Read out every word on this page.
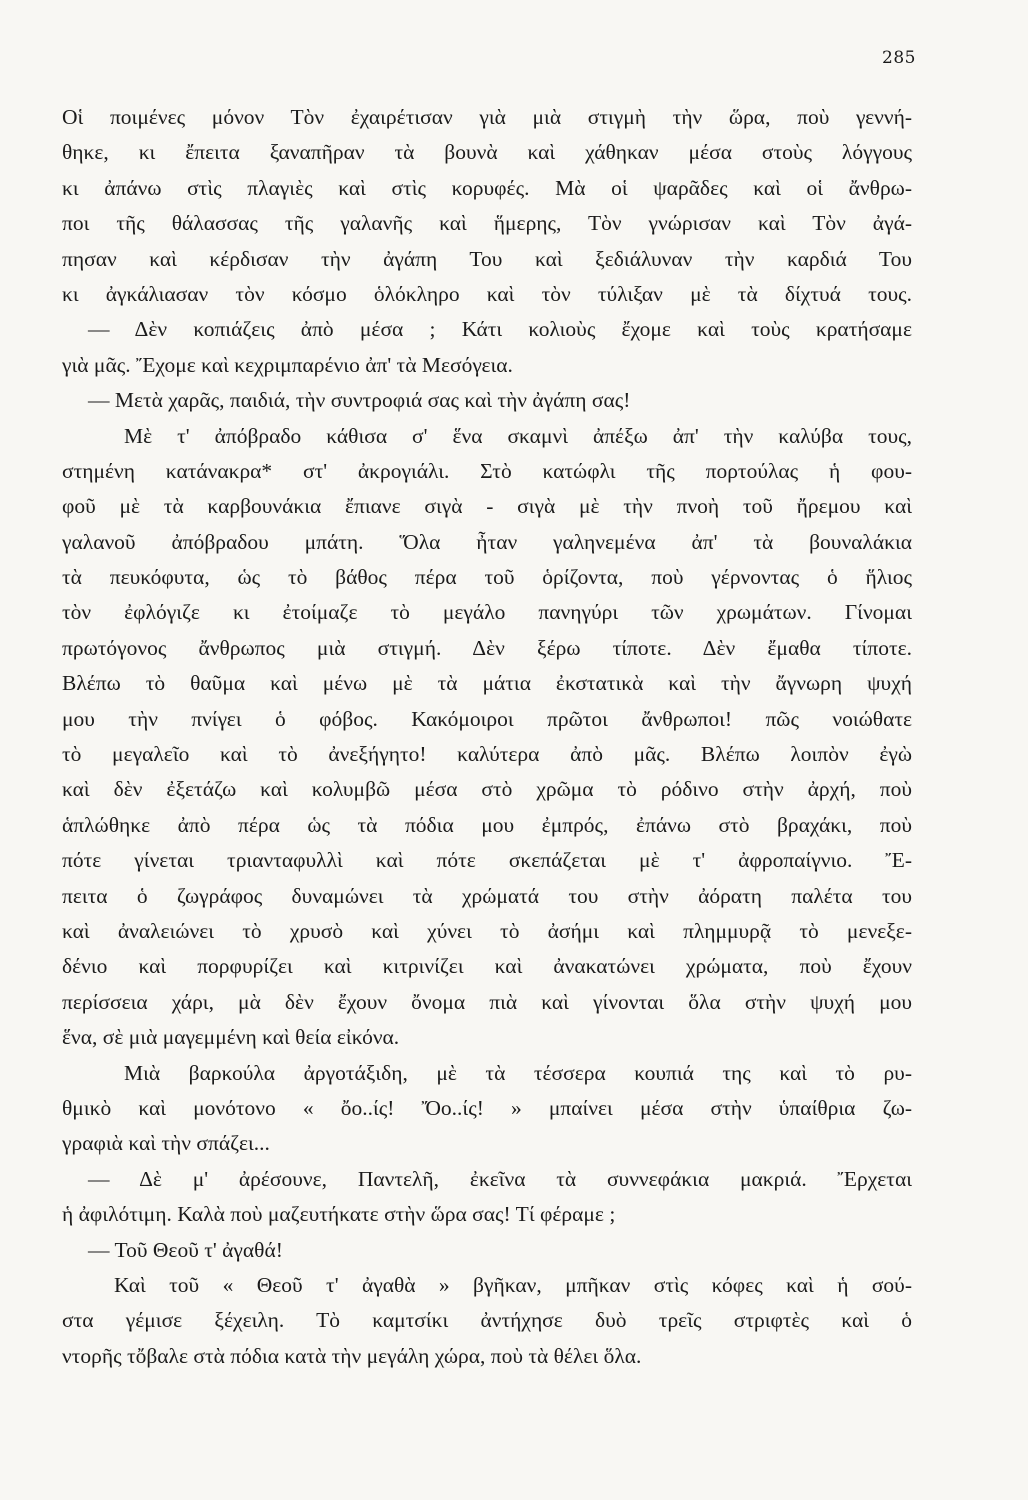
285
Οἱ ποιμένες μόνον Τὸν ἐχαιρέτισαν γιὰ μιὰ στιγμὴ τὴν ὥρα, ποὺ γεννή-
θηκε, κι ἔπειτα ξαναπῆραν τὰ βουνὰ καὶ χάθηκαν μέσα στοὺς λόγγους
κι ἀπάνω στὶς πλαγιὲς καὶ στὶς κορυφές. Μὰ οἱ ψαρᾶδες καὶ οἱ ἄνθρω-
ποι τῆς θάλασσας τῆς γαλανῆς καὶ ἥμερης, Τὸν γνώρισαν καὶ Τὸν ἀγά-
πησαν καὶ κέρδισαν τὴν ἀγάπη Του καὶ ξεδιάλυναν τὴν καρδιά Του
κι ἀγκάλιασαν τὸν κόσμο ὁλόκληρο καὶ τὸν τύλιξαν μὲ τὰ δίχτυά τους.
— Δὲν κοπιάζεις ἀπὸ μέσα ; Κάτι κολιοὺς ἔχομε καὶ τοὺς κρατήσαμε
γιὰ μᾶς. Ἔχομε καὶ κεχριμπαρένιο ἀπ' τὰ Μεσόγεια.
— Μετὰ χαρᾶς, παιδιά, τὴν συντροφιά σας καὶ τὴν ἀγάπη σας!
Μὲ τ' ἀπόβραδο κάθισα σ' ἕνα σκαμνὶ ἀπέξω ἀπ' τὴν καλύβα τους,
στημένη κατάνακρα* στ' ἀκρογιάλι. Στὸ κατώφλι τῆς πορτούλας ἡ φου-
φοῦ μὲ τὰ καρβουνάκια ἔπιανε σιγὰ - σιγὰ μὲ τὴν πνοὴ τοῦ ἤρεμου καὶ
γαλανοῦ ἀπόβραδου μπάτη. Ὅλα ἦταν γαληνεμένα ἀπ' τὰ βουναλάκια
τὰ πευκόφυτα, ὡς τὸ βάθος πέρα τοῦ ὁρίζοντα, ποὺ γέρνοντας ὁ ἥλιος
τὸν ἐφλόγιζε κι ἐτοίμαζε τὸ μεγάλο πανηγύρι τῶν χρωμάτων. Γίνομαι
πρωτόγονος ἄνθρωπος μιὰ στιγμή. Δὲν ξέρω τίποτε. Δὲν ἔμαθα τίποτε.
Βλέπω τὸ θαῦμα καὶ μένω μὲ τὰ μάτια ἐκστατικὰ καὶ τὴν ἄγνωρη ψυχή
μου τὴν πνίγει ὁ φόβος. Κακόμοιροι πρῶτοι ἄνθρωποι! πῶς νοιώθατε
τὸ μεγαλεῖο καὶ τὸ ἀνεξήγητο! καλύτερα ἀπὸ μᾶς. Βλέπω λοιπὸν ἐγὼ
καὶ δὲν ἐξετάζω καὶ κολυμβῶ μέσα στὸ χρῶμα τὸ ρόδινο στὴν ἀρχή, ποὺ
ἁπλώθηκε ἀπὸ πέρα ὡς τὰ πόδια μου ἐμπρός, ἐπάνω στὸ βραχάκι, ποὺ
πότε γίνεται τριανταφυλλὶ καὶ πότε σκεπάζεται μὲ τ' ἀφροπαίγνιο. Ἔ-
πειτα ὁ ζωγράφος δυναμώνει τὰ χρώματά του στὴν ἀόρατη παλέτα του
καὶ ἀναλειώνει τὸ χρυσὸ καὶ χύνει τὸ ἀσήμι καὶ πλημμυρᾷ τὸ μενεξε-
δένιο καὶ πορφυρίζει καὶ κιτρινίζει καὶ ἀνακατώνει χρώματα, ποὺ ἔχουν
περίσσεια χάρι, μὰ δὲν ἔχουν ὄνομα πιὰ καὶ γίνονται ὅλα στὴν ψυχή μου
ἕνα, σὲ μιὰ μαγεμμένη καὶ θεία εἰκόνα.
Μιὰ βαρκούλα ἀργοτάξιδη, μὲ τὰ τέσσερα κουπιά της καὶ τὸ ρυ-
θμικὸ καὶ μονότονο « ὄο..ίς! Ὄο..ίς! » μπαίνει μέσα στὴν ὑπαίθρια ζω-
γραφιὰ καὶ τὴν σπάζει...
— Δὲ μ' ἀρέσουνε, Παντελῆ, ἐκεῖνα τὰ συννεφάκια μακριά. Ἔρχεται
ἡ ἀφιλότιμη. Καλὰ ποὺ μαζευτήκατε στὴν ὥρα σας! Τί φέραμε ;
— Τοῦ Θεοῦ τ' ἀγαθά!
Καὶ τοῦ « Θεοῦ τ' ἀγαθὰ » βγῆκαν, μπῆκαν στὶς κόφες καὶ ἡ σού-
στα γέμισε ξέχειλη. Τὸ καμτσίκι ἀντήχησε δυὸ τρεῖς στριφτὲς καὶ ὁ
ντορῆς τὄβαλε στὰ πόδια κατὰ τὴν μεγάλη χώρα, ποὺ τὰ θέλει ὅλα.
